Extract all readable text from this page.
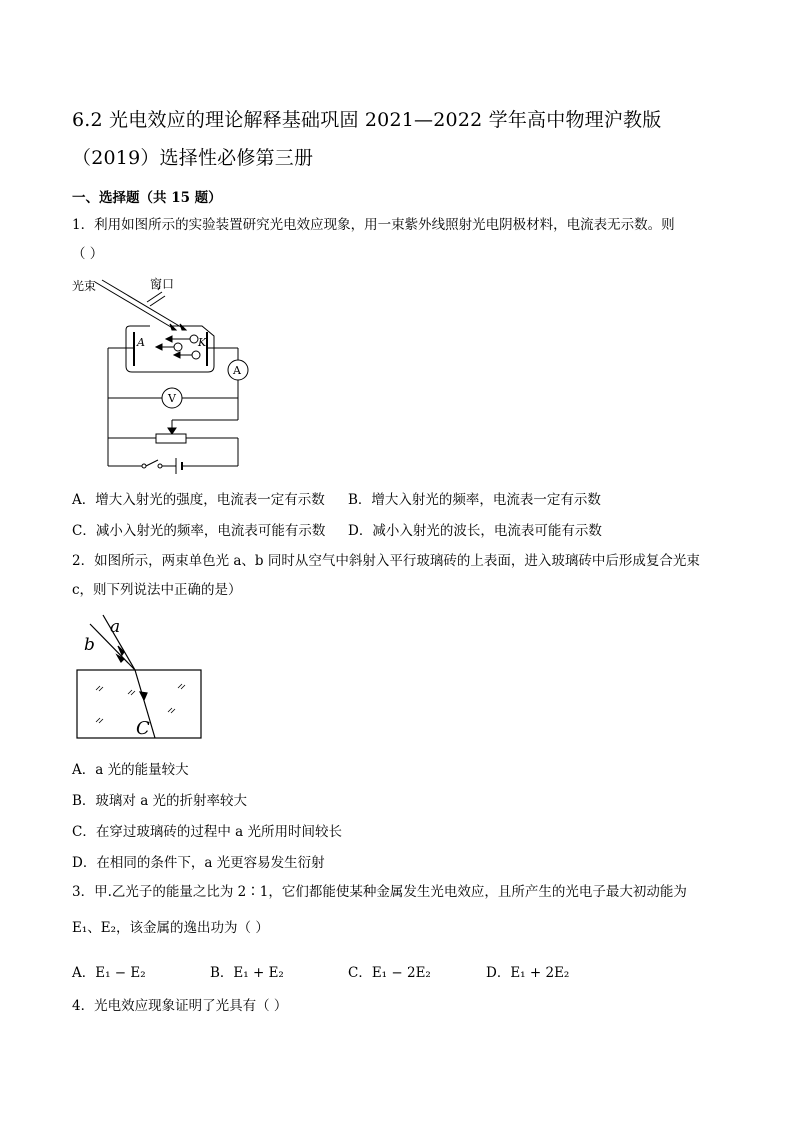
6.2 光电效应的理论解释基础巩固 2021—2022 学年高中物理沪教版
（2019）选择性必修第三册
一、选择题（共 15 题）
1．利用如图所示的实验装置研究光电效应现象，用一束紫外线照射光电阴极材料，电流表无示数。则
（ ）
光束	窗口
A	K
A
V
A．增大入射光的强度，电流表一定有示数 B．增大入射光的频率，电流表一定有示数
C．减小入射光的频率，电流表可能有示数 D．减小入射光的波长，电流表可能有示数
2．如图所示，两束单色光 a、b 同时从空气中斜射入平行玻璃砖的上表面，进入玻璃砖中后形成复合光束
c，则下列说法中正确的是）
a
b
C
A．a 光的能量较大
B．玻璃对 a 光的折射率较大
C．在穿过玻璃砖的过程中 a 光所用时间较长
D．在相同的条件下，a 光更容易发生衍射
3．甲.乙光子的能量之比为 2∶1，它们都能使某种金属发生光电效应，且所产生的光电子最大初动能为
E₁、E₂，该金属的逸出功为（ ）
A．E₁ − E₂	B．E₁ + E₂	C．E₁ − 2E₂	D．E₁ + 2E₂
4．光电效应现象证明了光具有（ ）
